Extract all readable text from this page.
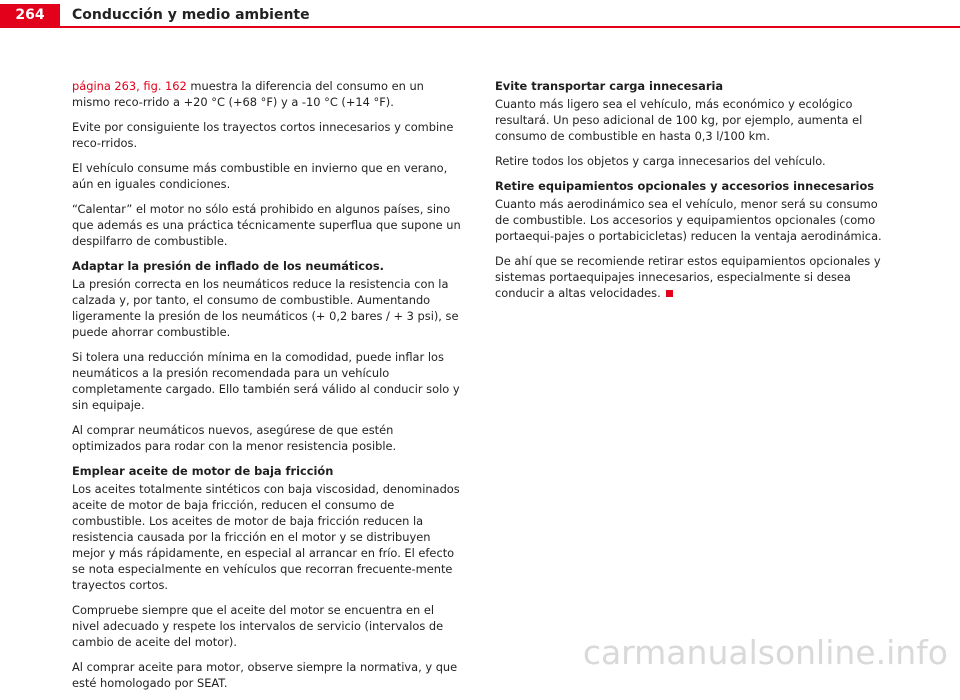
264	Conducción y medio ambiente

página 263, fig. 162 muestra la diferencia del consumo en un mismo reco-rrido a +20 °C (+68 °F) y a -10 °C (+14 °F).

Evite por consiguiente los trayectos cortos innecesarios y combine reco-rridos.

El vehículo consume más combustible en invierno que en verano, aún en iguales condiciones.

“Calentar” el motor no sólo está prohibido en algunos países, sino que además es una práctica técnicamente superflua que supone un despilfarro de combustible.

Adaptar la presión de inflado de los neumáticos.

La presión correcta en los neumáticos reduce la resistencia con la calzada y, por tanto, el consumo de combustible. Aumentando ligeramente la presión de los neumáticos (+ 0,2 bares / + 3 psi), se puede ahorrar combustible.

Si tolera una reducción mínima en la comodidad, puede inflar los neumáticos a la presión recomendada para un vehículo completamente cargado. Ello también será válido al conducir solo y sin equipaje.

Al comprar neumáticos nuevos, asegúrese de que estén optimizados para rodar con la menor resistencia posible.

Emplear aceite de motor de baja fricción

Los aceites totalmente sintéticos con baja viscosidad, denominados aceite de motor de baja fricción, reducen el consumo de combustible. Los aceites de motor de baja fricción reducen la resistencia causada por la fricción en el motor y se distribuyen mejor y más rápidamente, en especial al arrancar en frío. El efecto se nota especialmente en vehículos que recorran frecuente-mente trayectos cortos.

Compruebe siempre que el aceite del motor se encuentra en el nivel adecuado y respete los intervalos de servicio (intervalos de cambio de aceite del motor).

Al comprar aceite para motor, observe siempre la normativa, y que esté homologado por SEAT.

Evite transportar carga innecesaria

Cuanto más ligero sea el vehículo, más económico y ecológico resultará. Un peso adicional de 100 kg, por ejemplo, aumenta el consumo de combustible en hasta 0,3 l/100 km.

Retire todos los objetos y carga innecesarios del vehículo.

Retire equipamientos opcionales y accesorios innecesarios

Cuanto más aerodinámico sea el vehículo, menor será su consumo de combustible. Los accesorios y equipamientos opcionales (como portaequi-pajes o portabicicletas) reducen la ventaja aerodinámica.

De ahí que se recomiende retirar estos equipamientos opcionales y sistemas portaequipajes innecesarios, especialmente si desea conducir a altas velocidades.

carmanualsonline.info
